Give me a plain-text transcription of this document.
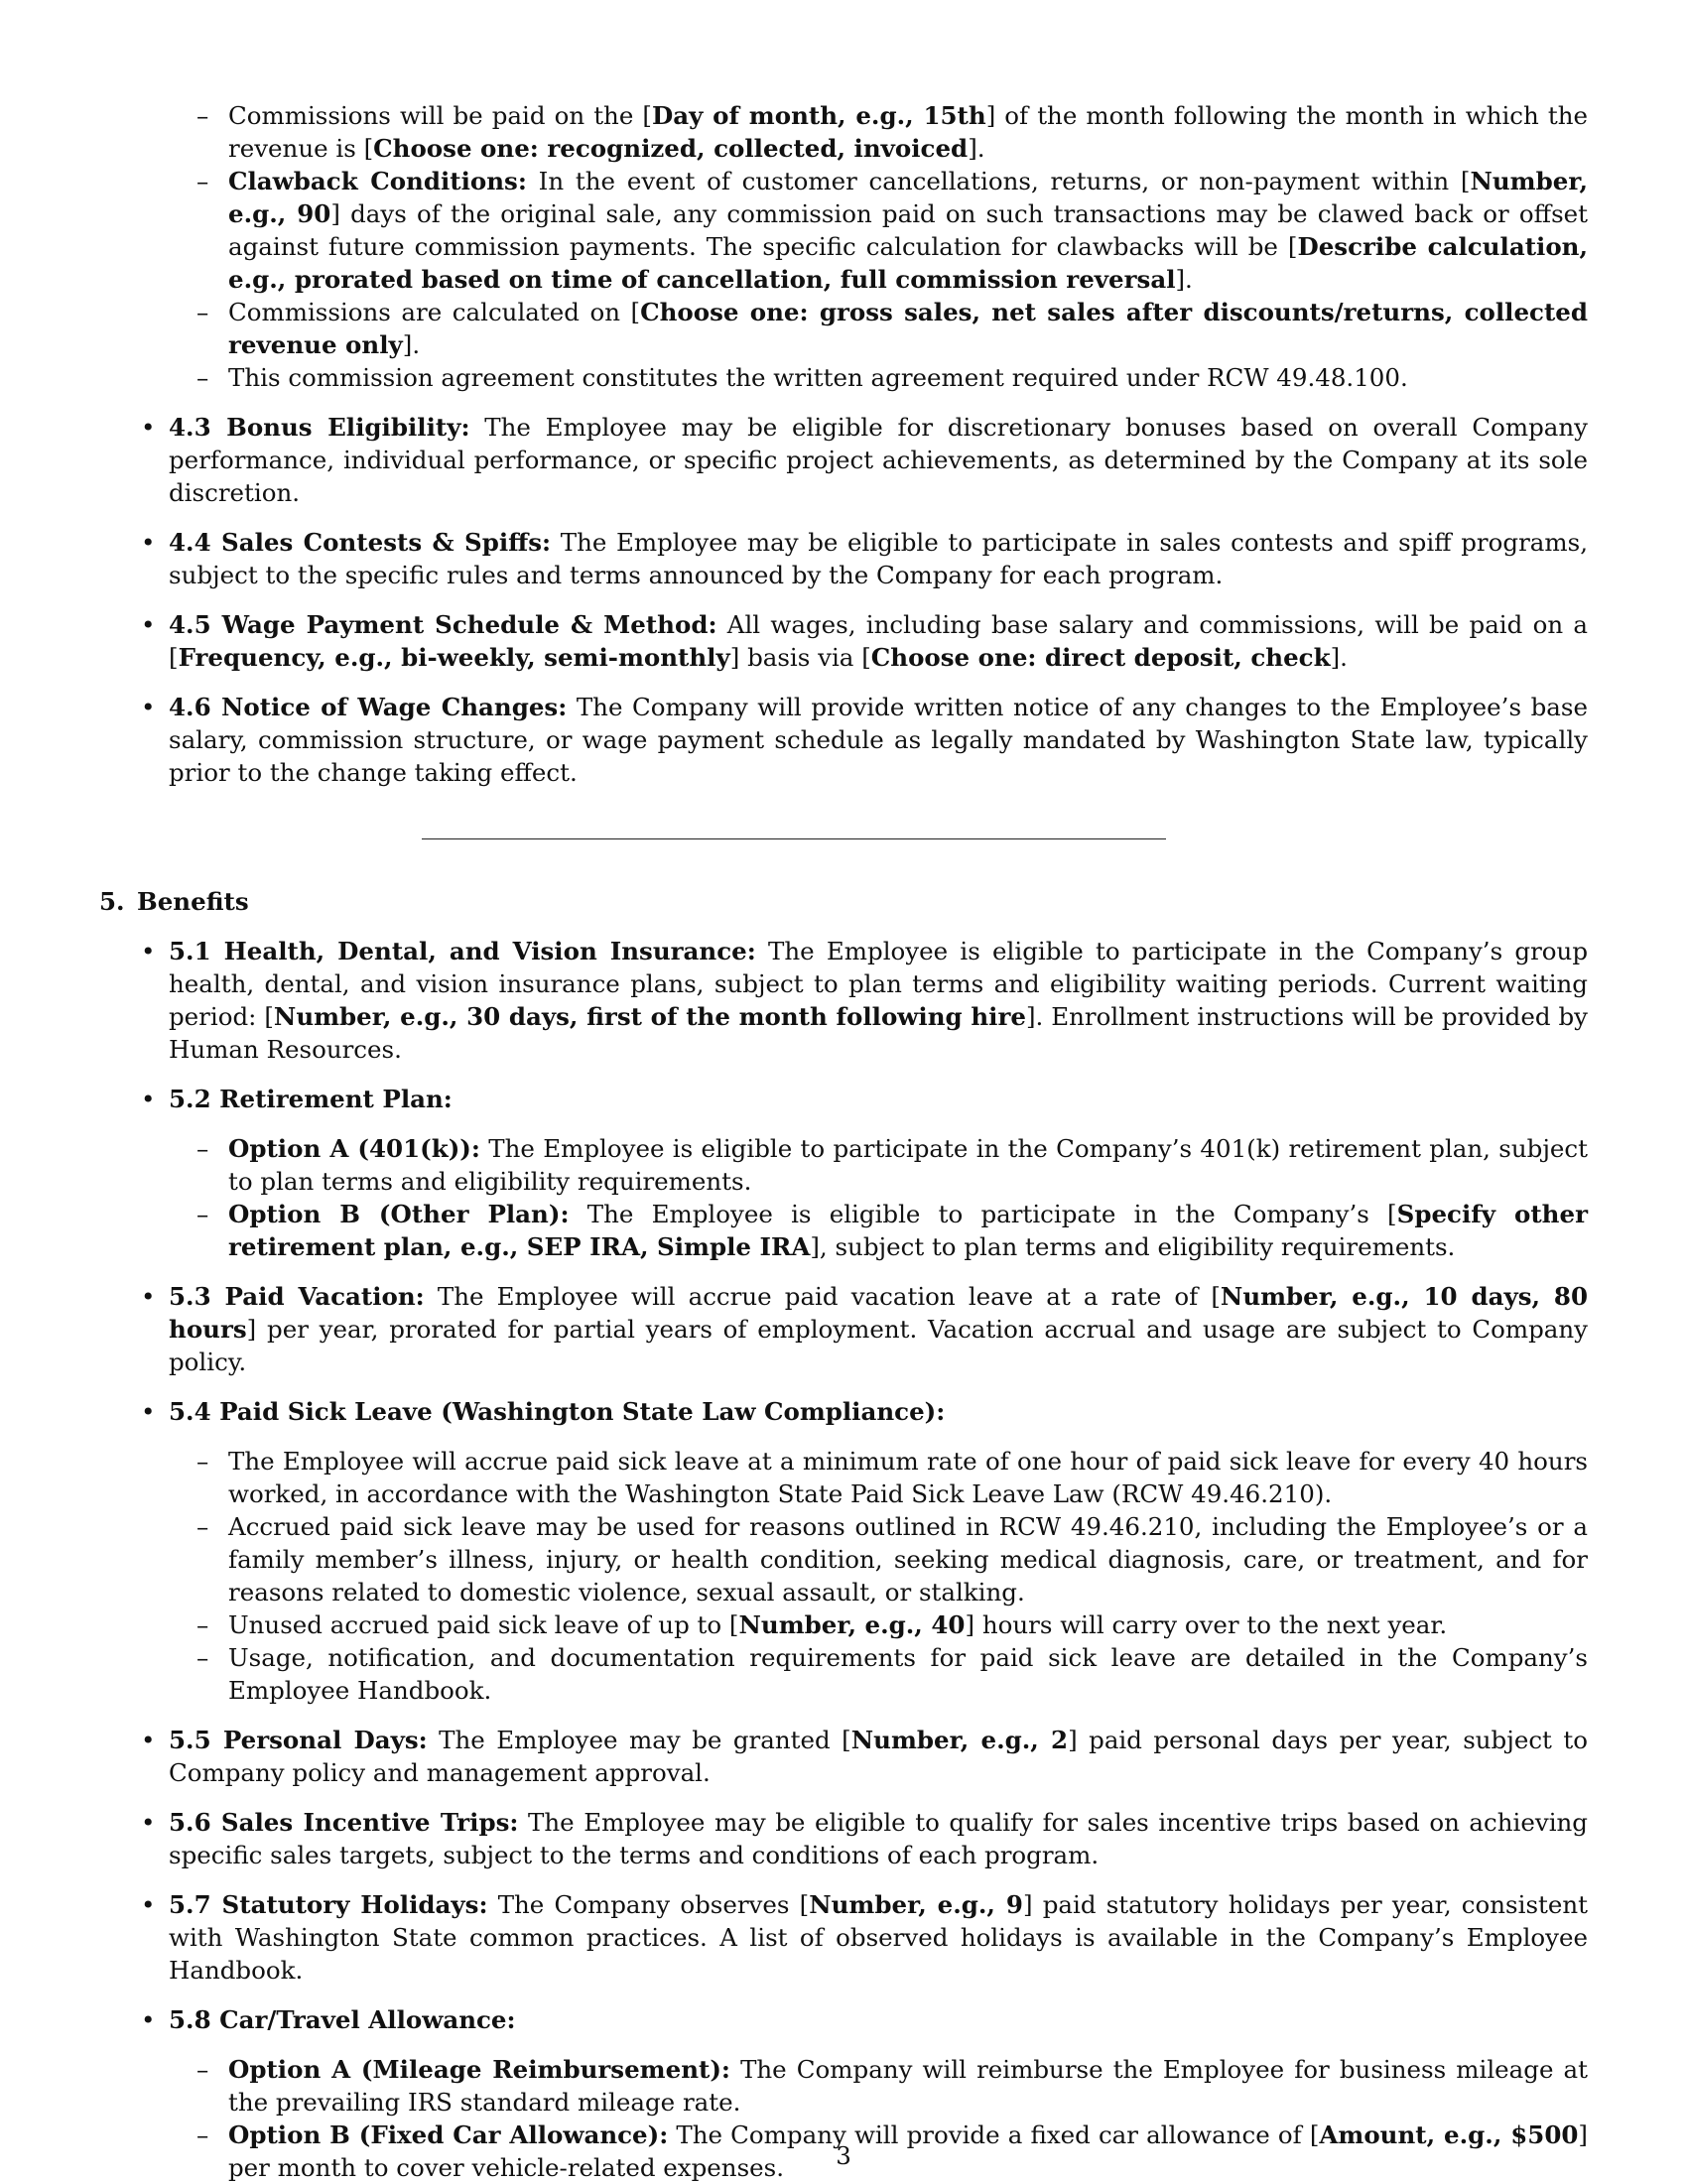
– Commissions will be paid on the [Day of month, e.g., 15th] of the month following the month in which the revenue is [Choose one: recognized, collected, invoiced].

– Clawback Conditions: In the event of customer cancellations, returns, or non-payment within [Number, e.g., 90] days of the original sale, any commission paid on such transactions may be clawed back or offset against future commission payments. The specific calculation for clawbacks will be [Describe calculation, e.g., prorated based on time of cancellation, full commission reversal].

– Commissions are calculated on [Choose one: gross sales, net sales after discounts/returns, collected revenue only].

– This commission agreement constitutes the written agreement required under RCW 49.48.100.

• 4.3 Bonus Eligibility: The Employee may be eligible for discretionary bonuses based on overall Company performance, individual performance, or specific project achievements, as determined by the Company at its sole discretion.

• 4.4 Sales Contests & Spiffs: The Employee may be eligible to participate in sales contests and spiff programs, subject to the specific rules and terms announced by the Company for each program.

• 4.5 Wage Payment Schedule & Method: All wages, including base salary and commissions, will be paid on a [Frequency, e.g., bi-weekly, semi-monthly] basis via [Choose one: direct deposit, check].

• 4.6 Notice of Wage Changes: The Company will provide written notice of any changes to the Employee’s base salary, commission structure, or wage payment schedule as legally mandated by Washington State law, typically prior to the change taking effect.

5. Benefits

• 5.1 Health, Dental, and Vision Insurance: The Employee is eligible to participate in the Company’s group health, dental, and vision insurance plans, subject to plan terms and eligibility waiting periods. Current waiting period: [Number, e.g., 30 days, first of the month following hire]. Enrollment instructions will be provided by Human Resources.

• 5.2 Retirement Plan:

– Option A (401(k)): The Employee is eligible to participate in the Company’s 401(k) retirement plan, subject to plan terms and eligibility requirements.

– Option B (Other Plan): The Employee is eligible to participate in the Company’s [Specify other retirement plan, e.g., SEP IRA, Simple IRA], subject to plan terms and eligibility requirements.

• 5.3 Paid Vacation: The Employee will accrue paid vacation leave at a rate of [Number, e.g., 10 days, 80 hours] per year, prorated for partial years of employment. Vacation accrual and usage are subject to Company policy.

• 5.4 Paid Sick Leave (Washington State Law Compliance):

– The Employee will accrue paid sick leave at a minimum rate of one hour of paid sick leave for every 40 hours worked, in accordance with the Washington State Paid Sick Leave Law (RCW 49.46.210).

– Accrued paid sick leave may be used for reasons outlined in RCW 49.46.210, including the Employee’s or a family member’s illness, injury, or health condition, seeking medical diagnosis, care, or treatment, and for reasons related to domestic violence, sexual assault, or stalking.

– Unused accrued paid sick leave of up to [Number, e.g., 40] hours will carry over to the next year.

– Usage, notification, and documentation requirements for paid sick leave are detailed in the Company’s Employee Handbook.

• 5.5 Personal Days: The Employee may be granted [Number, e.g., 2] paid personal days per year, subject to Company policy and management approval.

• 5.6 Sales Incentive Trips: The Employee may be eligible to qualify for sales incentive trips based on achieving specific sales targets, subject to the terms and conditions of each program.

• 5.7 Statutory Holidays: The Company observes [Number, e.g., 9] paid statutory holidays per year, consistent with Washington State common practices. A list of observed holidays is available in the Company’s Employee Handbook.

• 5.8 Car/Travel Allowance:

– Option A (Mileage Reimbursement): The Company will reimburse the Employee for business mileage at the prevailing IRS standard mileage rate.

– Option B (Fixed Car Allowance): The Company will provide a fixed car allowance of [Amount, e.g., $500] per month to cover vehicle-related expenses.	3
